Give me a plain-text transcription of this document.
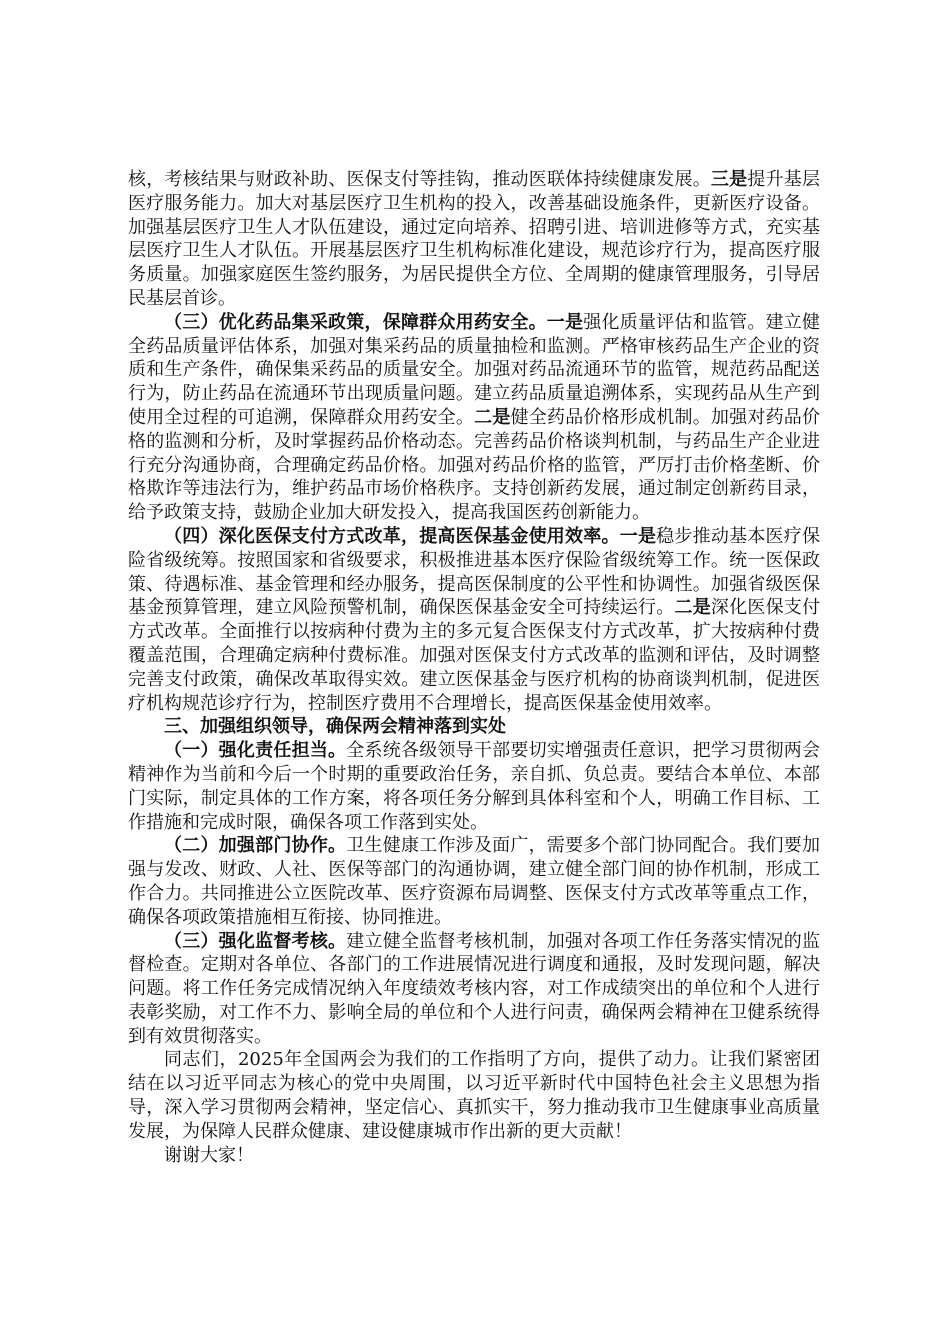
核，考核结果与财政补助、医保支付等挂钩，推动医联体持续健康发展。三是提升基层医疗服务能力。加大对基层医疗卫生机构的投入，改善基础设施条件，更新医疗设备。加强基层医疗卫生人才队伍建设，通过定向培养、招聘引进、培训进修等方式，充实基层医疗卫生人才队伍。开展基层医疗卫生机构标准化建设，规范诊疗行为，提高医疗服务质量。加强家庭医生签约服务，为居民提供全方位、全周期的健康管理服务，引导居民基层首诊。

（三）优化药品集采政策，保障群众用药安全。一是强化质量评估和监管。建立健全药品质量评估体系，加强对集采药品的质量抽检和监测。严格审核药品生产企业的资质和生产条件，确保集采药品的质量安全。加强对药品流通环节的监管，规范药品配送行为，防止药品在流通环节出现质量问题。建立药品质量追溯体系，实现药品从生产到使用全过程的可追溯，保障群众用药安全。二是健全药品价格形成机制。加强对药品价格的监测和分析，及时掌握药品价格动态。完善药品价格谈判机制，与药品生产企业进行充分沟通协商，合理确定药品价格。加强对药品价格的监管，严厉打击价格垄断、价格欺诈等违法行为，维护药品市场价格秩序。支持创新药发展，通过制定创新药目录，给予政策支持，鼓励企业加大研发投入，提高我国医药创新能力。

（四）深化医保支付方式改革，提高医保基金使用效率。一是稳步推动基本医疗保险省级统筹。按照国家和省级要求，积极推进基本医疗保险省级统筹工作。统一医保政策、待遇标准、基金管理和经办服务，提高医保制度的公平性和协调性。加强省级医保基金预算管理，建立风险预警机制，确保医保基金安全可持续运行。二是深化医保支付方式改革。全面推行以按病种付费为主的多元复合医保支付方式改革，扩大按病种付费覆盖范围，合理确定病种付费标准。加强对医保支付方式改革的监测和评估，及时调整完善支付政策，确保改革取得实效。建立医保基金与医疗机构的协商谈判机制，促进医疗机构规范诊疗行为，控制医疗费用不合理增长，提高医保基金使用效率。

三、加强组织领导，确保两会精神落到实处

（一）强化责任担当。全系统各级领导干部要切实增强责任意识，把学习贯彻两会精神作为当前和今后一个时期的重要政治任务，亲自抓、负总责。要结合本单位、本部门实际，制定具体的工作方案，将各项任务分解到具体科室和个人，明确工作目标、工作措施和完成时限，确保各项工作落到实处。

（二）加强部门协作。卫生健康工作涉及面广，需要多个部门协同配合。我们要加强与发改、财政、人社、医保等部门的沟通协调，建立健全部门间的协作机制，形成工作合力。共同推进公立医院改革、医疗资源布局调整、医保支付方式改革等重点工作，确保各项政策措施相互衔接、协同推进。

（三）强化监督考核。建立健全监督考核机制，加强对各项工作任务落实情况的监督检查。定期对各单位、各部门的工作进展情况进行调度和通报，及时发现问题，解决问题。将工作任务完成情况纳入年度绩效考核内容，对工作成绩突出的单位和个人进行表彰奖励，对工作不力、影响全局的单位和个人进行问责，确保两会精神在卫健系统得到有效贯彻落实。

同志们，2025年全国两会为我们的工作指明了方向，提供了动力。让我们紧密团结在以习近平同志为核心的党中央周围，以习近平新时代中国特色社会主义思想为指导，深入学习贯彻两会精神，坚定信心、真抓实干，努力推动我市卫生健康事业高质量发展，为保障人民群众健康、建设健康城市作出新的更大贡献！

谢谢大家！
